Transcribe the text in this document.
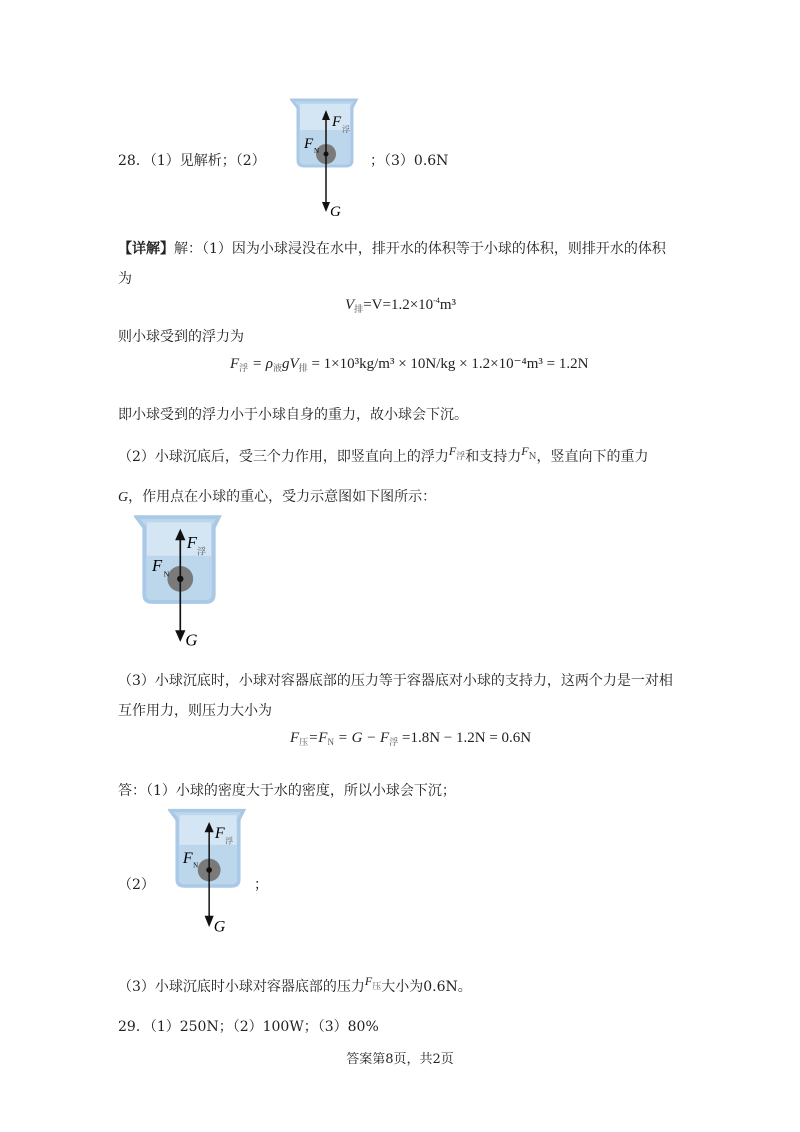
28．（1）见解析；（2）	；（3）0.6N
F 浮
F N
G
【详解】解：（1）因为小球浸没在水中，排开水的体积等于小球的体积，则排开水的体积
为
$V_排=V=1.2\times 10^{-4}m^3$
则小球受到的浮力为
$F_浮 = \rho_液gV_排 = 1\times 10^3kg/m^3 \times 10N/kg \times 1.2\times 10^{-4}m^3 = 1.2N$
即小球受到的浮力小于小球自身的重力，故小球会下沉。
（2）小球沉底后，受三个力作用，即竖直向上的浮力$F^浮$和支持力$F^N$，竖直向下的重力
G，作用点在小球的重心，受力示意图如下图所示：
F 浮
F N
G
（3）小球沉底时，小球对容器底部的压力等于容器底对小球的支持力，这两个力是一对相
互作用力，则压力大小为
$F_压=F_N = G - F_浮 =1.8N - 1.2N = 0.6N$
答：（1）小球的密度大于水的密度，所以小球会下沉；
（2）
F 浮
F N
G
；
（3）小球沉底时小球对容器底部的压力$F^压$大小为0.6N。
29．（1）250N；（2）100W；（3）80%
答案第8页，共2页
